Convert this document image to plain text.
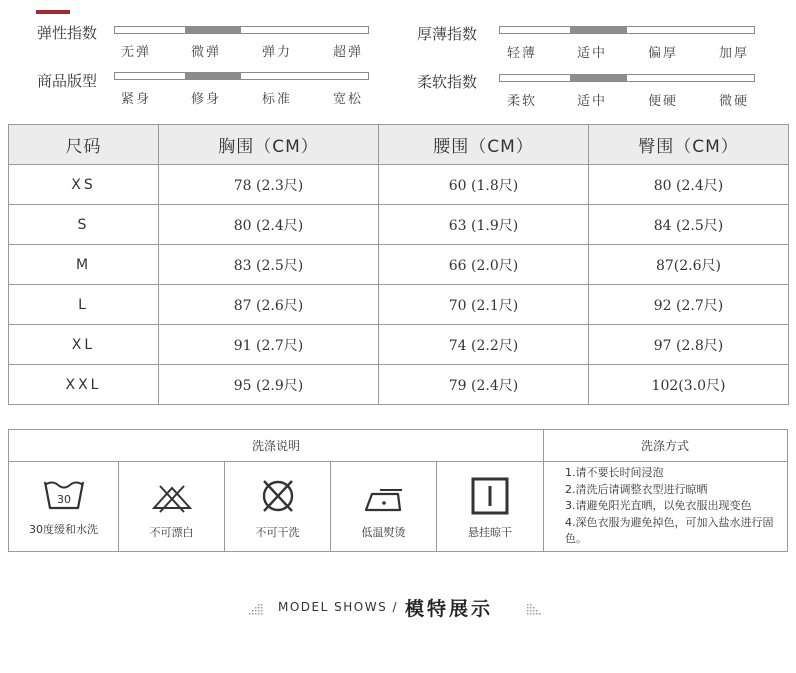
弹性指数
无弹	微弹	弹力	超弹
厚薄指数
轻薄	适中	偏厚	加厚
商品版型
紧身	修身	标准	宽松
柔软指数
柔软	适中	便硬	微硬
尺码	胸围（CM）	腰围（CM）	臀围（CM）
XS	78 (2.3尺)	60 (1.8尺)	80 (2.4尺)
S	80 (2.4尺)	63 (1.9尺)	84 (2.5尺)
M	83 (2.5尺)	66 (2.0尺)	87(2.6尺)
L	87 (2.6尺)	70 (2.1尺)	92 (2.7尺)
XL	91 (2.7尺)	74 (2.2尺)	97 (2.8尺)
XXL	95 (2.9尺)	79 (2.4尺)	102(3.0尺)
洗涤说明	洗涤方式
30
30度缓和水洗	不可漂白	不可干洗	低温熨烫	悬挂晾干
1.请不要长时间浸泡
2.清洗后请调整衣型进行晾晒
3.请避免阳光直晒，以免衣服出现变色
4.深色衣服为避免掉色，可加入盐水进行固色。
MODEL SHOWS / 模特展示
